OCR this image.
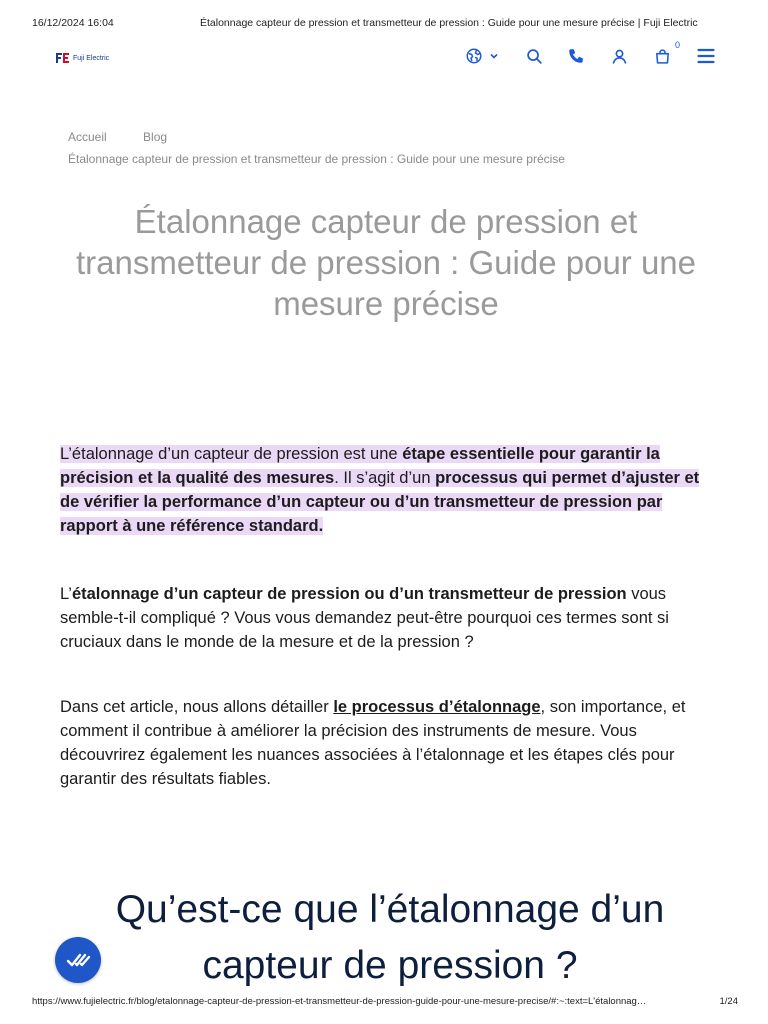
16/12/2024 16:04	Étalonnage capteur de pression et transmetteur de pression : Guide pour une mesure précise | Fuji Electric
Fuji Electric
0
Accueil	Blog
Étalonnage capteur de pression et transmetteur de pression : Guide pour une mesure précise
Étalonnage capteur de pression et transmetteur de pression : Guide pour une mesure précise

L’étalonnage d’un capteur de pression est une étape essentielle pour garantir la précision et la qualité des mesures. Il s’agit d’un processus qui permet d’ajuster et de vérifier la performance d’un capteur ou d’un transmetteur de pression par rapport à une référence standard.

L’étalonnage d’un capteur de pression ou d’un transmetteur de pression vous semble-t-il compliqué ? Vous vous demandez peut-être pourquoi ces termes sont si cruciaux dans le monde de la mesure et de la pression ?

Dans cet article, nous allons détailler le processus d’étalonnage, son importance, et comment il contribue à améliorer la précision des instruments de mesure. Vous découvrirez également les nuances associées à l’étalonnage et les étapes clés pour garantir des résultats fiables.

Qu’est-ce que l’étalonnage d’un capteur de pression ?
https://www.fujielectric.fr/blog/etalonnage-capteur-de-pression-et-transmetteur-de-pression-guide-pour-une-mesure-precise/#:~:text=L'étalonnag…	1/24
